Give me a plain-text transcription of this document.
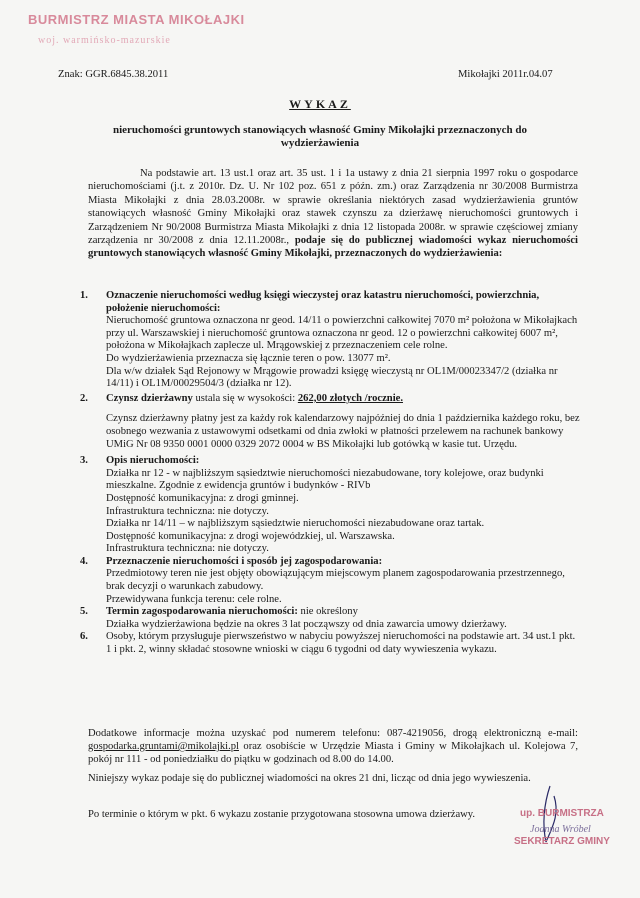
BURMISTRZ MIASTA MIKOŁAJKI
woj. warmińsko-mazurskie
Znak: GGR.6845.38.2011	Mikołajki 2011r.04.07
WYKAZ
nieruchomości gruntowych stanowiących własność Gminy Mikołajki przeznaczonych do wydzierżawienia
Na podstawie art. 13 ust.1 oraz art. 35 ust. 1 i 1a ustawy z dnia 21 sierpnia 1997 roku o gospodarce nieruchomościami (j.t. z 2010r. Dz. U. Nr 102 poz. 651 z późn. zm.) oraz Zarządzenia nr 30/2008 Burmistrza Miasta Mikołajki z dnia 28.03.2008r. w sprawie określania niektórych zasad wydzierżawienia gruntów stanowiących własność Gminy Mikołajki oraz stawek czynszu za dzierżawę nieruchomości gruntowych i Zarządzeniem Nr 90/2008 Burmistrza Miasta Mikołajki z dnia 12 listopada 2008r. w sprawie częściowej zmiany zarządzenia nr 30/2008 z dnia 12.11.2008r., podaje się do publicznej wiadomości wykaz nieruchomości gruntowych stanowiących własność Gminy Mikołajki, przeznaczonych do wydzierżawienia:
1. Oznaczenie nieruchomości według księgi wieczystej oraz katastru nieruchomości, powierzchnia, położenie nieruchomości:
Nieruchomość gruntowa oznaczona nr geod. 14/11 o powierzchni całkowitej 7070 m² położona w Mikołajkach przy ul. Warszawskiej i nieruchomość gruntowa oznaczona nr geod. 12 o powierzchni całkowitej 6007 m², położona w Mikołajkach zaplecze ul. Mrągowskiej z przeznaczeniem cele rolne.
Do wydzierżawienia przeznacza się łącznie teren o pow. 13077 m².
Dla w/w działek Sąd Rejonowy w Mrągowie prowadzi księgę wieczystą nr OL1M/00023347/2 (działka nr 14/11) i OL1M/00029504/3 (działka nr 12).
2. Czynsz dzierżawny ustala się w wysokości: 262,00 złotych /rocznie.
Czynsz dzierżawny płatny jest za każdy rok kalendarzowy najpóźniej do dnia 1 października każdego roku, bez osobnego wezwania z ustawowymi odsetkami od dnia zwłoki w płatności przelewem na rachunek bankowy UMiG Nr 08 9350 0001 0000 0329 2072 0004 w BS Mikołajki lub gotówką w kasie tut. Urzędu.
3. Opis nieruchomości:
Działka nr 12 - w najbliższym sąsiedztwie nieruchomości niezabudowane, tory kolejowe, oraz budynki mieszkalne. Zgodnie z ewidencja gruntów i budynków - RIVb
Dostępność komunikacyjna: z drogi gminnej.
Infrastruktura techniczna: nie dotyczy.
Działka nr 14/11 – w najbliższym sąsiedztwie nieruchomości niezabudowane oraz tartak.
Dostępność komunikacyjna: z drogi wojewódzkiej, ul. Warszawska.
Infrastruktura techniczna: nie dotyczy.
4. Przeznaczenie nieruchomości i sposób jej zagospodarowania:
Przedmiotowy teren nie jest objęty obowiązującym miejscowym planem zagospodarowania przestrzennego, brak decyzji o warunkach zabudowy.
Przewidywana funkcja terenu: cele rolne.
5. Termin zagospodarowania nieruchomości: nie określony
Działka wydzierżawiona będzie na okres 3 lat począwszy od dnia zawarcia umowy dzierżawy.
6. Osoby, którym przysługuje pierwszeństwo w nabyciu powyższej nieruchomości na podstawie art. 34 ust.1 pkt. 1 i pkt. 2, winny składać stosowne wnioski w ciągu 6 tygodni od daty wywieszenia wykazu.
Dodatkowe informacje można uzyskać pod numerem telefonu: 087-4219056, drogą elektroniczną e-mail: gospodarka.gruntami@mikolajki.pl oraz osobiście w Urzędzie Miasta i Gminy w Mikołajkach ul. Kolejowa 7, pokój nr 111 - od poniedziałku do piątku w godzinach od 8.00 do 14.00.
Niniejszy wykaz podaje się do publicznej wiadomości na okres 21 dni, licząc od dnia jego wywieszenia.
Po terminie o którym w pkt. 6 wykazu zostanie przygotowana stosowna umowa dzierżawy.	up. BURMISTRZA
Joanna Wróbel
SEKRETARZ GMINY
